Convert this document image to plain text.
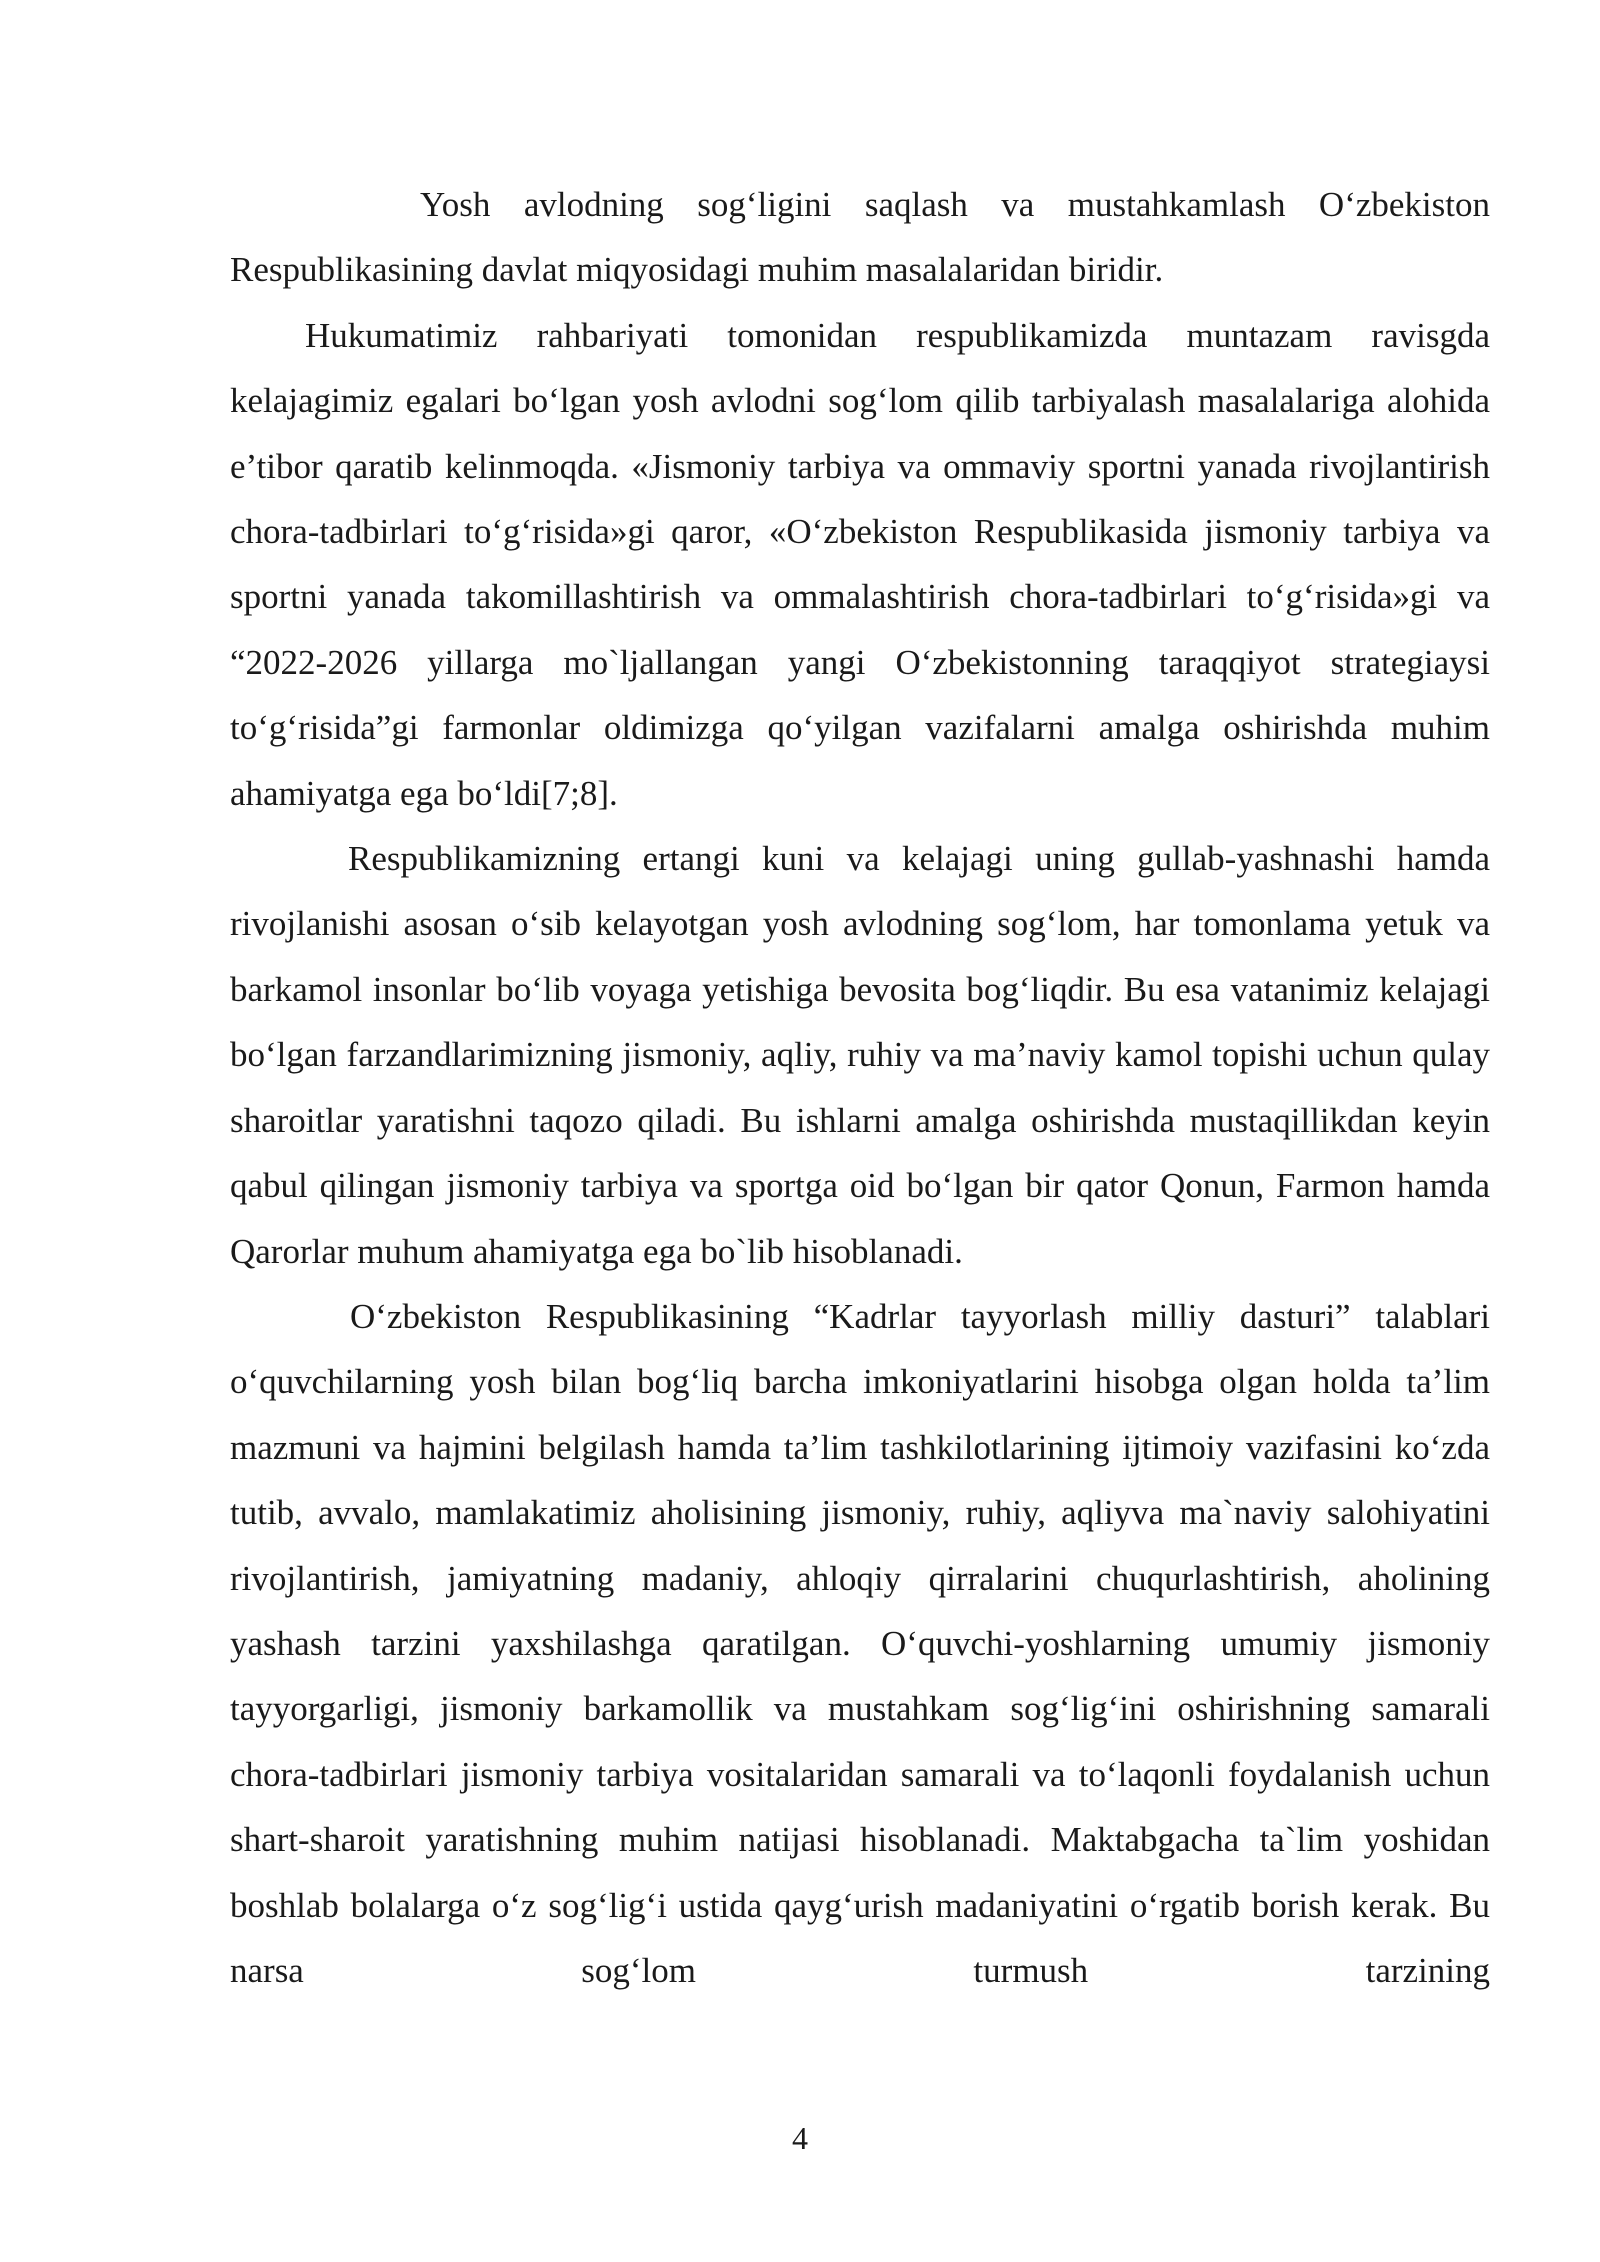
Yosh avlodning sog‘ligini saqlash va mustahkamlash O‘zbekiston Respublikasining davlat miqyosidagi muhim masalalaridan biridir.

Hukumatimiz rahbariyati tomonidan respublikamizda muntazam ravisgda kelajagimiz egalari bo‘lgan yosh avlodni sog‘lom qilib tarbiyalash masalalariga alohida e’tibor qaratib kelinmoqda. «Jismoniy tarbiya va ommaviy sportni yanada rivojlantirish chora-tadbirlari to‘g‘risida»gi qaror, «O‘zbekiston Respublikasida jismoniy tarbiya va sportni yanada takomillashtirish va ommalashtirish chora-tadbirlari to‘g‘risida»gi va “2022-2026 yillarga mo`ljallangan yangi O‘zbekistonning taraqqiyot strategiaysi to‘g‘risida”gi farmonlar oldimizga qo‘yilgan vazifalarni amalga oshirishda muhim ahamiyatga ega bo‘ldi[7;8].

Respublikamizning ertangi kuni va kelajagi uning gullab-yashnashi hamda rivojlanishi asosan o‘sib kelayotgan yosh avlodning sog‘lom, har tomonlama yetuk va barkamol insonlar bo‘lib voyaga yetishiga bevosita bog‘liqdir. Bu esa vatanimiz kelajagi bo‘lgan farzandlarimizning jismoniy, aqliy, ruhiy va ma’naviy kamol topishi uchun qulay sharoitlar yaratishni taqozo qiladi. Bu ishlarni amalga oshirishda mustaqillikdan keyin qabul qilingan jismoniy tarbiya va sportga oid bo‘lgan bir qator Qonun, Farmon hamda Qarorlar muhum ahamiyatga ega bo`lib hisoblanadi.

O‘zbekiston Respublikasining “Kadrlar tayyorlash milliy dasturi” talablari o‘quvchilarning yosh bilan bog‘liq barcha imkoniyatlarini hisobga olgan holda ta’lim mazmuni va hajmini belgilash hamda ta’lim tashkilotlarining ijtimoiy vazifasini ko‘zda tutib, avvalo, mamlakatimiz aholisining jismoniy, ruhiy, aqliyva ma`naviy salohiyatini rivojlantirish, jamiyatning madaniy, ahloqiy qirralarini chuqurlashtirish, aholining yashash tarzini yaxshilashga qaratilgan. O‘quvchi-yoshlarning umumiy jismoniy tayyorgarligi, jismoniy barkamollik va mustahkam sog‘lig‘ini oshirishning samarali chora-tadbirlari jismoniy tarbiya vositalaridan samarali va to‘laqonli foydalanish uchun shart-sharoit yaratishning muhim natijasi hisoblanadi. Maktabgacha ta`lim yoshidan boshlab bolalarga o‘z sog‘lig‘i ustida qayg‘urish madaniyatini o‘rgatib borish kerak. Bu narsa sog‘lom turmush tarzining

4
